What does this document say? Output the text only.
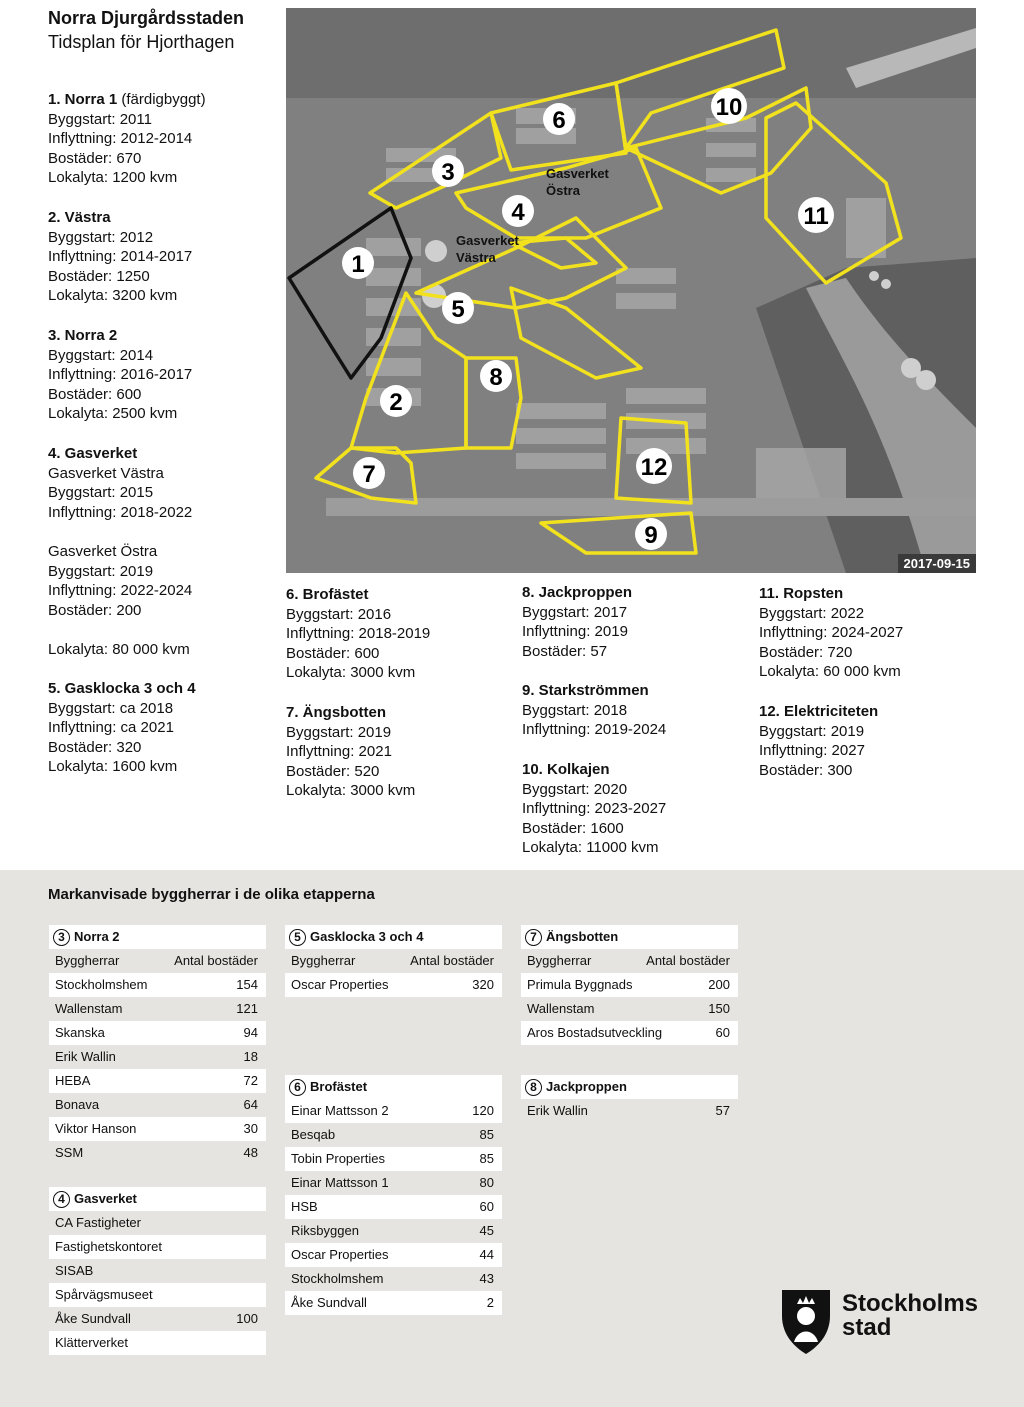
Norra Djurgårdsstaden
Tidsplan för Hjorthagen
1. Norra 1 (färdigbyggt)
Byggstart: 2011
Inflyttning: 2012-2014
Bostäder: 670
Lokalyta: 1200 kvm
2. Västra
Byggstart: 2012
Inflyttning: 2014-2017
Bostäder: 1250
Lokalyta: 3200 kvm
3. Norra 2
Byggstart: 2014
Inflyttning: 2016-2017
Bostäder: 600
Lokalyta: 2500 kvm
4. Gasverket
Gasverket Västra
Byggstart: 2015
Inflyttning: 2018-2022
Gasverket Östra
Byggstart: 2019
Inflyttning: 2022-2024
Bostäder: 200
Lokalyta: 80 000 kvm
5. Gasklocka 3 och 4
Byggstart: ca 2018
Inflyttning: ca 2021
Bostäder: 320
Lokalyta: 1600 kvm
1
2
3
4
5
6
7
8
9
10
11
12
Gasverket
Östra
Gasverket
Västra
2017-09-15
6. Brofästet
Byggstart: 2016
Inflyttning: 2018-2019
Bostäder: 600
Lokalyta: 3000 kvm
7. Ängsbotten
Byggstart: 2019
Inflyttning: 2021
Bostäder: 520
Lokalyta: 3000 kvm
8. Jackproppen
Byggstart: 2017
Inflyttning: 2019
Bostäder: 57
9. Starkströmmen
Byggstart: 2018
Inflyttning: 2019-2024
10. Kolkajen
Byggstart: 2020
Inflyttning: 2023-2027
Bostäder: 1600
Lokalyta: 11000 kvm
11. Ropsten
Byggstart: 2022
Inflyttning: 2024-2027
Bostäder: 720
Lokalyta: 60 000 kvm
12. Elektriciteten
Byggstart: 2019
Inflyttning: 2027
Bostäder: 300
Markanvisade byggherrar i de olika etapperna
3 Norra 2
Byggherrar	Antal bostäder
Stockholmshem	154
Wallenstam	121
Skanska	94
Erik Wallin	18
HEBA	72
Bonava	64
Viktor Hanson	30
SSM	48
4 Gasverket
CA Fastigheter
Fastighetskontoret
SISAB
Spårvägsmuseet
Åke Sundvall	100
Klätterverket
5 Gasklocka 3 och 4
Byggherrar	Antal bostäder
Oscar Properties	320
6 Brofästet
Einar Mattsson 2	120
Besqab	85
Tobin Properties	85
Einar Mattsson 1	80
HSB	60
Riksbyggen	45
Oscar Properties	44
Stockholmshem	43
Åke Sundvall	2
7 Ängsbotten
Byggherrar	Antal bostäder
Primula Byggnads	200
Wallenstam	150
Aros Bostadsutveckling	60
8 Jackproppen
Erik Wallin	57
Stockholms
stad
